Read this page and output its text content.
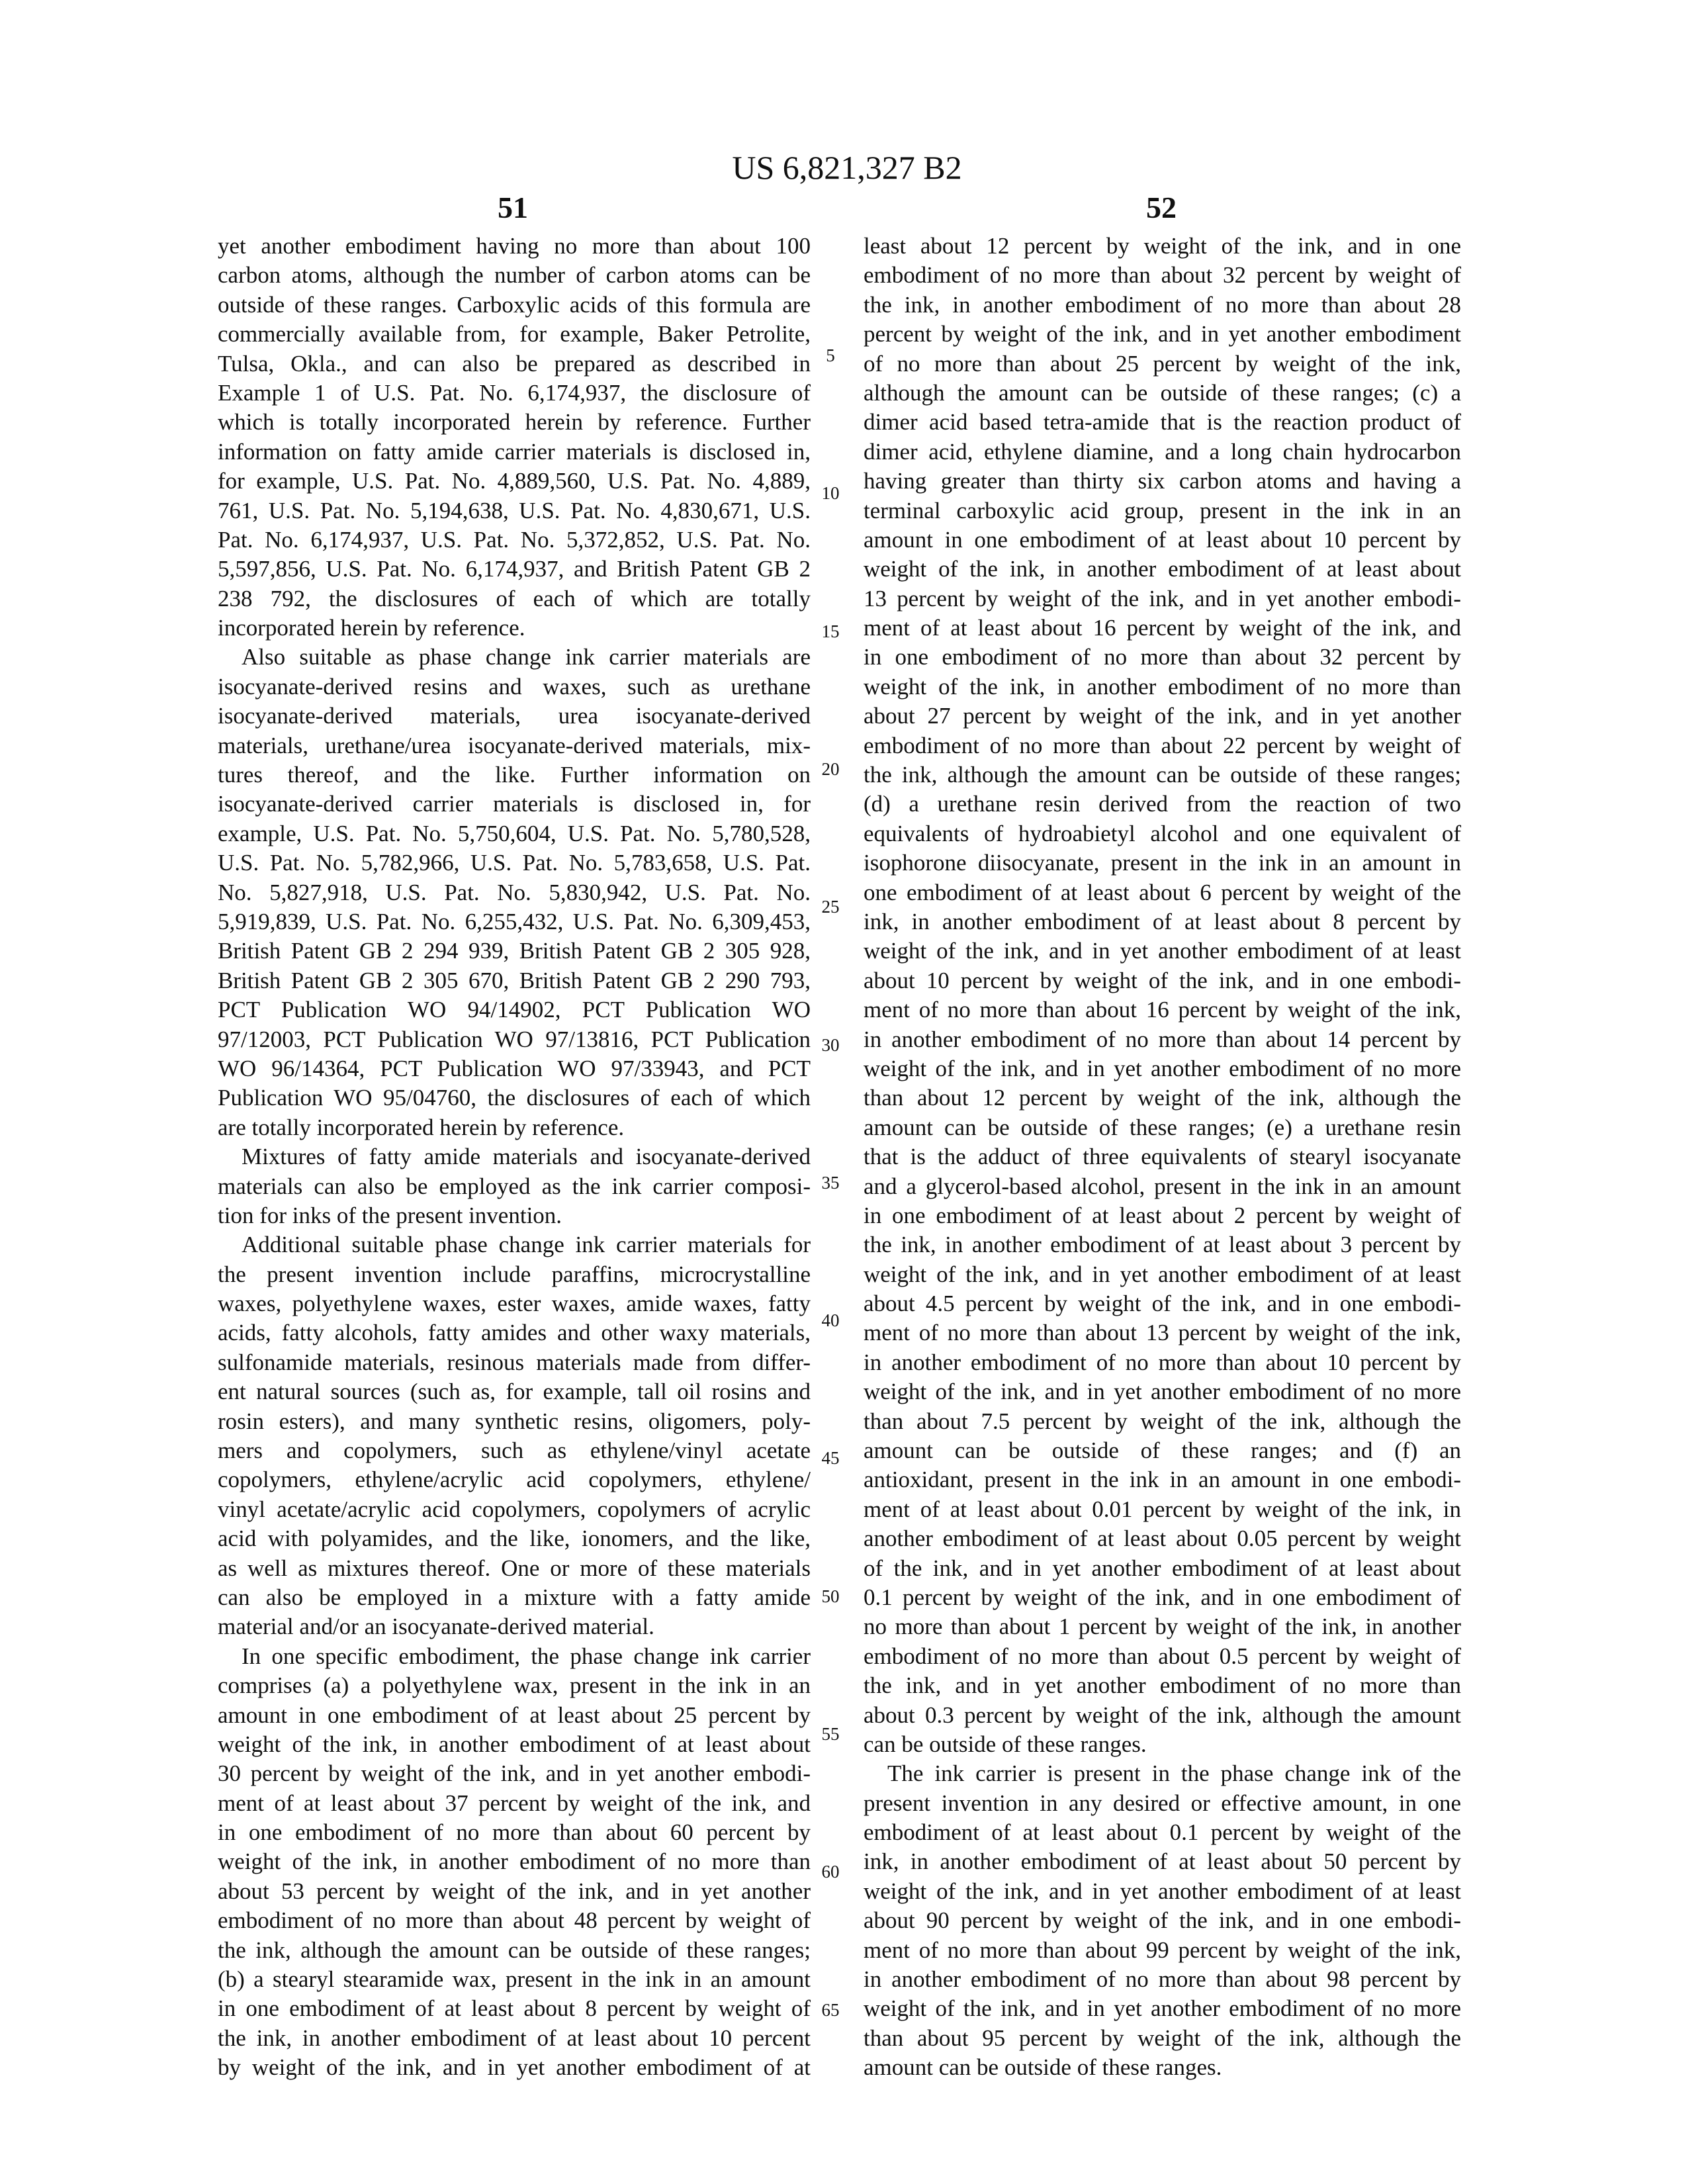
US 6,821,327 B2
51	52
yet another embodiment having no more than about 100
carbon atoms, although the number of carbon atoms can be
outside of these ranges. Carboxylic acids of this formula are
commercially available from, for example, Baker Petrolite,
Tulsa, Okla., and can also be prepared as described in
Example 1 of U.S. Pat. No. 6,174,937, the disclosure of
which is totally incorporated herein by reference. Further
information on fatty amide carrier materials is disclosed in,
for example, U.S. Pat. No. 4,889,560, U.S. Pat. No. 4,889,
761, U.S. Pat. No. 5,194,638, U.S. Pat. No. 4,830,671, U.S.
Pat. No. 6,174,937, U.S. Pat. No. 5,372,852, U.S. Pat. No.
5,597,856, U.S. Pat. No. 6,174,937, and British Patent GB 2
238 792, the disclosures of each of which are totally
incorporated herein by reference.
Also suitable as phase change ink carrier materials are
isocyanate-derived resins and waxes, such as urethane
isocyanate-derived materials, urea isocyanate-derived
materials, urethane/urea isocyanate-derived materials, mix-
tures thereof, and the like. Further information on
isocyanate-derived carrier materials is disclosed in, for
example, U.S. Pat. No. 5,750,604, U.S. Pat. No. 5,780,528,
U.S. Pat. No. 5,782,966, U.S. Pat. No. 5,783,658, U.S. Pat.
No. 5,827,918, U.S. Pat. No. 5,830,942, U.S. Pat. No.
5,919,839, U.S. Pat. No. 6,255,432, U.S. Pat. No. 6,309,453,
British Patent GB 2 294 939, British Patent GB 2 305 928,
British Patent GB 2 305 670, British Patent GB 2 290 793,
PCT Publication WO 94/14902, PCT Publication WO
97/12003, PCT Publication WO 97/13816, PCT Publication
WO 96/14364, PCT Publication WO 97/33943, and PCT
Publication WO 95/04760, the disclosures of each of which
are totally incorporated herein by reference.
Mixtures of fatty amide materials and isocyanate-derived
materials can also be employed as the ink carrier composi-
tion for inks of the present invention.
Additional suitable phase change ink carrier materials for
the present invention include paraffins, microcrystalline
waxes, polyethylene waxes, ester waxes, amide waxes, fatty
acids, fatty alcohols, fatty amides and other waxy materials,
sulfonamide materials, resinous materials made from differ-
ent natural sources (such as, for example, tall oil rosins and
rosin esters), and many synthetic resins, oligomers, poly-
mers and copolymers, such as ethylene/vinyl acetate
copolymers, ethylene/acrylic acid copolymers, ethylene/
vinyl acetate/acrylic acid copolymers, copolymers of acrylic
acid with polyamides, and the like, ionomers, and the like,
as well as mixtures thereof. One or more of these materials
can also be employed in a mixture with a fatty amide
material and/or an isocyanate-derived material.
In one specific embodiment, the phase change ink carrier
comprises (a) a polyethylene wax, present in the ink in an
amount in one embodiment of at least about 25 percent by
weight of the ink, in another embodiment of at least about
30 percent by weight of the ink, and in yet another embodi-
ment of at least about 37 percent by weight of the ink, and
in one embodiment of no more than about 60 percent by
weight of the ink, in another embodiment of no more than
about 53 percent by weight of the ink, and in yet another
embodiment of no more than about 48 percent by weight of
the ink, although the amount can be outside of these ranges;
(b) a stearyl stearamide wax, present in the ink in an amount
in one embodiment of at least about 8 percent by weight of
the ink, in another embodiment of at least about 10 percent
by weight of the ink, and in yet another embodiment of at
least about 12 percent by weight of the ink, and in one
embodiment of no more than about 32 percent by weight of
the ink, in another embodiment of no more than about 28
percent by weight of the ink, and in yet another embodiment
of no more than about 25 percent by weight of the ink,
although the amount can be outside of these ranges; (c) a
dimer acid based tetra-amide that is the reaction product of
dimer acid, ethylene diamine, and a long chain hydrocarbon
having greater than thirty six carbon atoms and having a
terminal carboxylic acid group, present in the ink in an
amount in one embodiment of at least about 10 percent by
weight of the ink, in another embodiment of at least about
13 percent by weight of the ink, and in yet another embodi-
ment of at least about 16 percent by weight of the ink, and
in one embodiment of no more than about 32 percent by
weight of the ink, in another embodiment of no more than
about 27 percent by weight of the ink, and in yet another
embodiment of no more than about 22 percent by weight of
the ink, although the amount can be outside of these ranges;
(d) a urethane resin derived from the reaction of two
equivalents of hydroabietyl alcohol and one equivalent of
isophorone diisocyanate, present in the ink in an amount in
one embodiment of at least about 6 percent by weight of the
ink, in another embodiment of at least about 8 percent by
weight of the ink, and in yet another embodiment of at least
about 10 percent by weight of the ink, and in one embodi-
ment of no more than about 16 percent by weight of the ink,
in another embodiment of no more than about 14 percent by
weight of the ink, and in yet another embodiment of no more
than about 12 percent by weight of the ink, although the
amount can be outside of these ranges; (e) a urethane resin
that is the adduct of three equivalents of stearyl isocyanate
and a glycerol-based alcohol, present in the ink in an amount
in one embodiment of at least about 2 percent by weight of
the ink, in another embodiment of at least about 3 percent by
weight of the ink, and in yet another embodiment of at least
about 4.5 percent by weight of the ink, and in one embodi-
ment of no more than about 13 percent by weight of the ink,
in another embodiment of no more than about 10 percent by
weight of the ink, and in yet another embodiment of no more
than about 7.5 percent by weight of the ink, although the
amount can be outside of these ranges; and (f) an
antioxidant, present in the ink in an amount in one embodi-
ment of at least about 0.01 percent by weight of the ink, in
another embodiment of at least about 0.05 percent by weight
of the ink, and in yet another embodiment of at least about
0.1 percent by weight of the ink, and in one embodiment of
no more than about 1 percent by weight of the ink, in another
embodiment of no more than about 0.5 percent by weight of
the ink, and in yet another embodiment of no more than
about 0.3 percent by weight of the ink, although the amount
can be outside of these ranges.
The ink carrier is present in the phase change ink of the
present invention in any desired or effective amount, in one
embodiment of at least about 0.1 percent by weight of the
ink, in another embodiment of at least about 50 percent by
weight of the ink, and in yet another embodiment of at least
about 90 percent by weight of the ink, and in one embodi-
ment of no more than about 99 percent by weight of the ink,
in another embodiment of no more than about 98 percent by
weight of the ink, and in yet another embodiment of no more
than about 95 percent by weight of the ink, although the
amount can be outside of these ranges.
5
10
15
20
25
30
35
40
45
50
55
60
65
